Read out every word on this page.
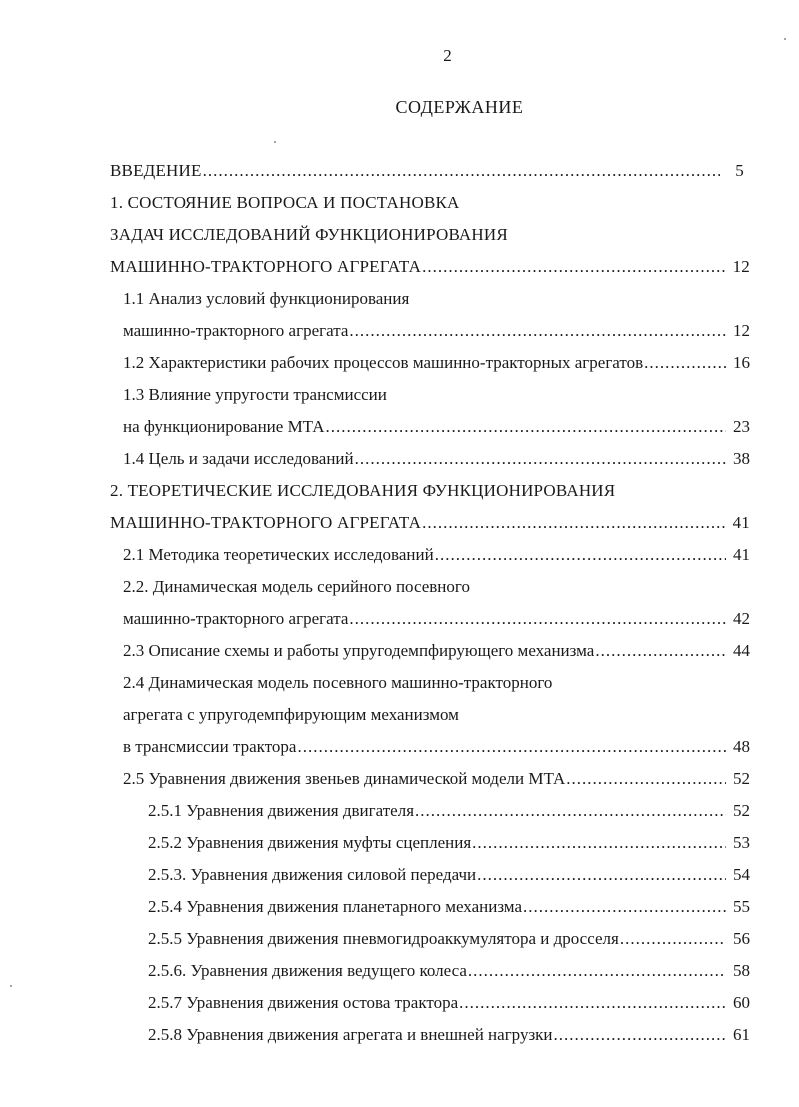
2
СОДЕРЖАНИЕ
ВВЕДЕНИЕ .....	5
1. СОСТОЯНИЕ ВОПРОСА И ПОСТАНОВКА
ЗАДАЧ ИССЛЕДОВАНИЙ ФУНКЦИОНИРОВАНИЯ
МАШИННО-ТРАКТОРНОГО АГРЕГАТА .....	12
1.1 Анализ условий функционирования
машинно-тракторного агрегата .....	12
1.2 Характеристики рабочих процессов машинно-тракторных агрегатов .....	16
1.3 Влияние упругости трансмиссии
на функционирование МТА .....	23
1.4 Цель и задачи исследований .....	38
2. ТЕОРЕТИЧЕСКИЕ ИССЛЕДОВАНИЯ ФУНКЦИОНИРОВАНИЯ
МАШИННО-ТРАКТОРНОГО АГРЕГАТА .....	41
2.1 Методика теоретических исследований .....	41
2.2. Динамическая модель серийного посевного
машинно-тракторного агрегата .....	42
2.3 Описание схемы и работы упругодемпфирующего механизма .....	44
2.4 Динамическая модель посевного машинно-тракторного
агрегата с упругодемпфирующим механизмом
в трансмиссии трактора .....	48
2.5 Уравнения движения звеньев динамической модели МТА .....	52
2.5.1 Уравнения движения двигателя .....	52
2.5.2 Уравнения движения муфты сцепления .....	53
2.5.3. Уравнения движения силовой передачи .....	54
2.5.4 Уравнения движения планетарного механизма .....	55
2.5.5 Уравнения движения пневмогидроаккумулятора и дросселя .....	56
2.5.6. Уравнения движения ведущего колеса .....	58
2.5.7 Уравнения движения остова трактора .....	60
2.5.8 Уравнения движения агрегата и внешней нагрузки .....	61
